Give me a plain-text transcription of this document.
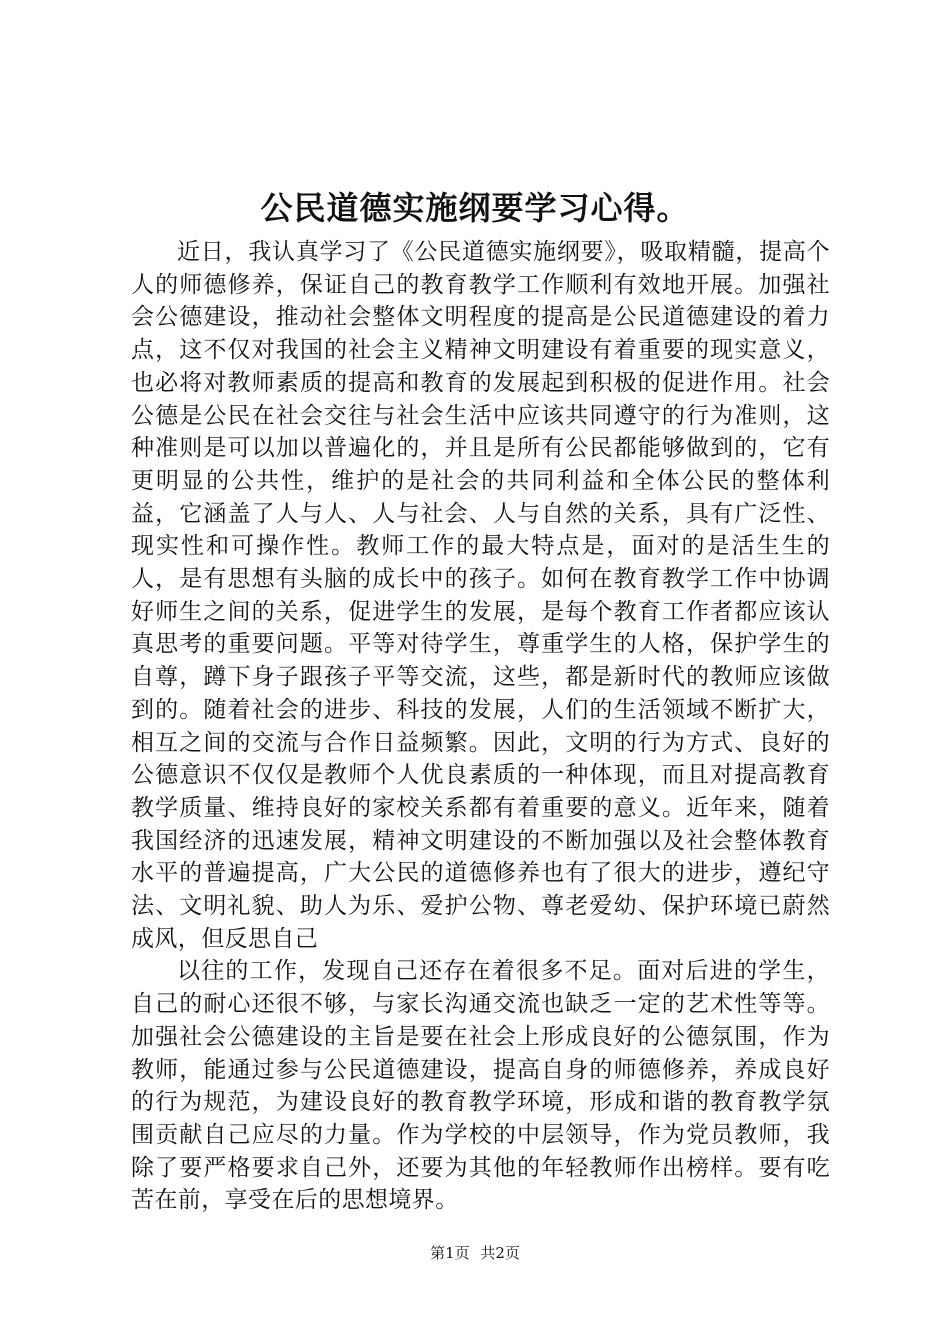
公民道德实施纲要学习心得。

近日，我认真学习了《公民道德实施纲要》，吸取精髓，提高个人的师德修养，保证自己的教育教学工作顺利有效地开展。加强社会公德建设，推动社会整体文明程度的提高是公民道德建设的着力点，这不仅对我国的社会主义精神文明建设有着重要的现实意义，也必将对教师素质的提高和教育的发展起到积极的促进作用。社会公德是公民在社会交往与社会生活中应该共同遵守的行为准则，这种准则是可以加以普遍化的，并且是所有公民都能够做到的，它有更明显的公共性，维护的是社会的共同利益和全体公民的整体利益，它涵盖了人与人、人与社会、人与自然的关系，具有广泛性、现实性和可操作性。教师工作的最大特点是，面对的是活生生的人，是有思想有头脑的成长中的孩子。如何在教育教学工作中协调好师生之间的关系，促进学生的发展，是每个教育工作者都应该认真思考的重要问题。平等对待学生，尊重学生的人格，保护学生的自尊，蹲下身子跟孩子平等交流，这些，都是新时代的教师应该做到的。随着社会的进步、科技的发展，人们的生活领域不断扩大，相互之间的交流与合作日益频繁。因此，文明的行为方式、良好的公德意识不仅仅是教师个人优良素质的一种体现，而且对提高教育教学质量、维持良好的家校关系都有着重要的意义。近年来，随着我国经济的迅速发展，精神文明建设的不断加强以及社会整体教育水平的普遍提高，广大公民的道德修养也有了很大的进步，遵纪守法、文明礼貌、助人为乐、爱护公物、尊老爱幼、保护环境已蔚然成风，但反思自己

以往的工作，发现自己还存在着很多不足。面对后进的学生，自己的耐心还很不够，与家长沟通交流也缺乏一定的艺术性等等。加强社会公德建设的主旨是要在社会上形成良好的公德氛围，作为教师，能通过参与公民道德建设，提高自身的师德修养，养成良好的行为规范，为建设良好的教育教学环境，形成和谐的教育教学氛围贡献自己应尽的力量。作为学校的中层领导，作为党员教师，我除了要严格要求自己外，还要为其他的年轻教师作出榜样。要有吃苦在前，享受在后的思想境界。

第1页 共2页
